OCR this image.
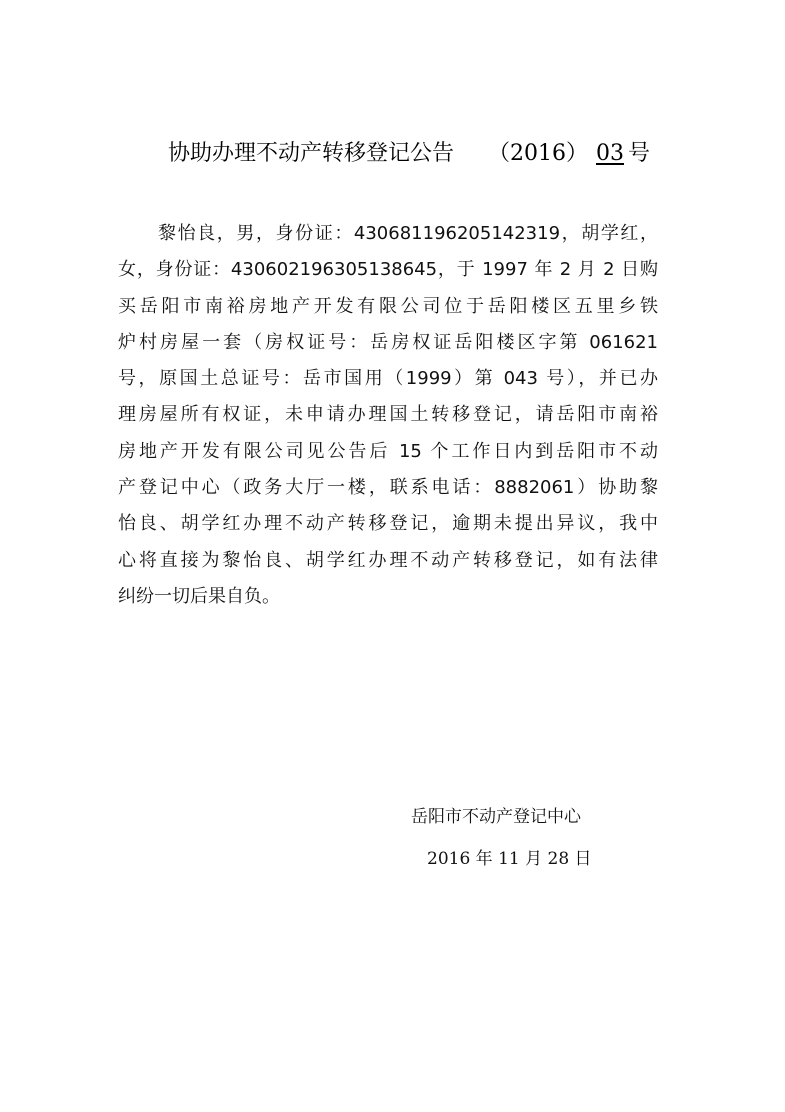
协助办理不动产转移登记公告 （2016） 03 号
黎怡良，男，身份证：430681196205142319，胡学红，
女，身份证：430602196305138645，于 1997 年 2 月 2 日购
买岳阳市南裕房地产开发有限公司位于岳阳楼区五里乡铁
炉村房屋一套（房权证号：岳房权证岳阳楼区字第 061621
号，原国土总证号：岳市国用（1999）第 043 号），并已办
理房屋所有权证，未申请办理国土转移登记，请岳阳市南裕
房地产开发有限公司见公告后 15 个工作日内到岳阳市不动
产登记中心（政务大厅一楼，联系电话：8882061）协助黎
怡良、胡学红办理不动产转移登记，逾期未提出异议，我中
心将直接为黎怡良、胡学红办理不动产转移登记，如有法律
纠纷一切后果自负。
岳阳市不动产登记中心
2016 年 11 月 28 日
